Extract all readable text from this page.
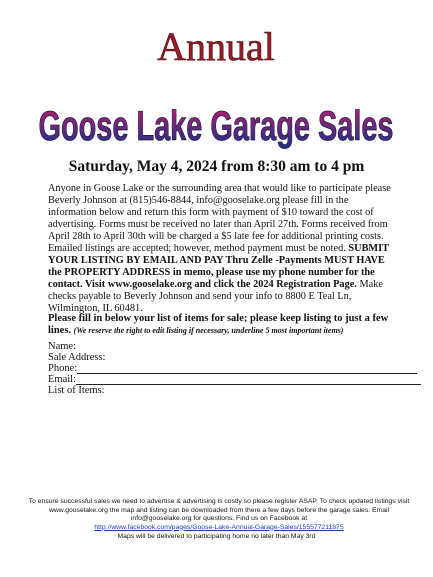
Annual
Goose Lake Garage Sales
Saturday, May 4, 2024 from 8:30 am to 4 pm
Anyone in Goose Lake or the surrounding area that would like to participate please Beverly Johnson at (815)546-8844, info@gooselake.org please fill in the information below and return this form with payment of $10 toward the cost of advertising. Forms must be received no later than April 27th. Forms received from April 28th to April 30th will be charged a $5 late fee for additional printing costs. Emailed listings are accepted; however, method payment must be noted. SUBMIT YOUR LISTING BY EMAIL AND PAY Thru Zelle -Payments MUST HAVE the PROPERTY ADDRESS in memo, please use my phone number for the contact. Visit www.gooselake.org and click the 2024 Registration Page. Make checks payable to Beverly Johnson and send your info to 8800 E Teal Ln, Wilmington, IL 60481.
Please fill in below your list of items for sale; please keep listing to just a few lines. (We reserve the right to edit listing if necessary, underline 5 most important items)
Name:
Sale Address:
Phone:
Email:
List of Items:
To ensure successful sales we need to advertise & advertising is costly so please register ASAP. To check updated listings visit www.gooselake.org the map and listing can be downloaded from there a few days before the garage sales. Email info@gooselake.org for questions. Find us on Facebook at
http://www.facebook.com/pages/Goose-Lake-Annual-Garage-Sales/155577211875
Maps will be delivered to participating home no later than May 3rd
